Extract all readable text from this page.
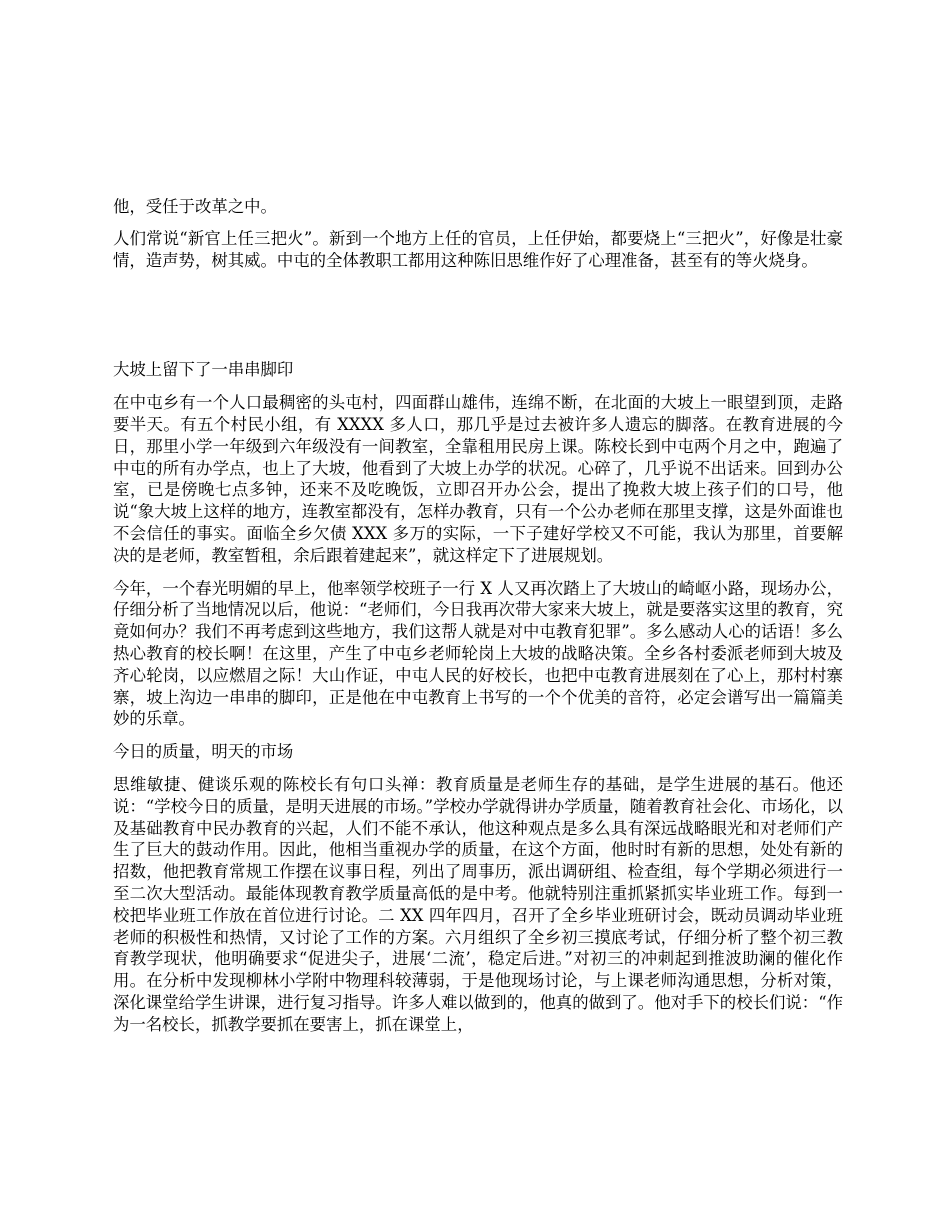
他，受任于改革之中。

人们常说“新官上任三把火”。新到一个地方上任的官员，上任伊始，都要烧上“三把火”，好像是壮豪情，造声势，树其威。中屯的全体教职工都用这种陈旧思维作好了心理准备，甚至有的等火烧身。

大坡上留下了一串串脚印

在中屯乡有一个人口最稠密的头屯村，四面群山雄伟，连绵不断，在北面的大坡上一眼望到顶，走路要半天。有五个村民小组，有 XXXX 多人口，那几乎是过去被许多人遗忘的脚落。在教育进展的今日，那里小学一年级到六年级没有一间教室，全靠租用民房上课。陈校长到中屯两个月之中，跑遍了中屯的所有办学点，也上了大坡，他看到了大坡上办学的状况。心碎了，几乎说不出话来。回到办公室，已是傍晚七点多钟，还来不及吃晚饭，立即召开办公会，提出了挽救大坡上孩子们的口号，他说“象大坡上这样的地方，连教室都没有，怎样办教育，只有一个公办老师在那里支撑，这是外面谁也不会信任的事实。面临全乡欠债 XXX 多万的实际，一下子建好学校又不可能，我认为那里，首要解决的是老师，教室暂租，余后跟着建起来”，就这样定下了进展规划。

今年，一个春光明媚的早上，他率领学校班子一行 X 人又再次踏上了大坡山的崎岖小路，现场办公，仔细分析了当地情况以后，他说：“老师们，今日我再次带大家来大坡上，就是要落实这里的教育，究竟如何办？我们不再考虑到这些地方，我们这帮人就是对中屯教育犯罪”。多么感动人心的话语！多么热心教育的校长啊！在这里，产生了中屯乡老师轮岗上大坡的战略决策。全乡各村委派老师到大坡及齐心轮岗，以应燃眉之际！大山作证，中屯人民的好校长，也把中屯教育进展刻在了心上，那村村寨寨，坡上沟边一串串的脚印，正是他在中屯教育上书写的一个个优美的音符，必定会谱写出一篇篇美妙的乐章。

今日的质量，明天的市场

思维敏捷、健谈乐观的陈校长有句口头禅：教育质量是老师生存的基础，是学生进展的基石。他还说：“学校今日的质量，是明天进展的市场。”学校办学就得讲办学质量，随着教育社会化、市场化，以及基础教育中民办教育的兴起，人们不能不承认，他这种观点是多么具有深远战略眼光和对老师们产生了巨大的鼓动作用。因此，他相当重视办学的质量，在这个方面，他时时有新的思想，处处有新的招数，他把教育常规工作摆在议事日程，列出了周事历，派出调研组、检查组，每个学期必须进行一至二次大型活动。最能体现教育教学质量高低的是中考。他就特别注重抓紧抓实毕业班工作。每到一校把毕业班工作放在首位进行讨论。二 XX 四年四月，召开了全乡毕业班研讨会，既动员调动毕业班老师的积极性和热情，又讨论了工作的方案。六月组织了全乡初三摸底考试，仔细分析了整个初三教育教学现状，他明确要求“促进尖子，进展‘二流’，稳定后进。”对初三的冲刺起到推波助澜的催化作用。在分析中发现柳林小学附中物理科较薄弱，于是他现场讨论，与上课老师沟通思想，分析对策，深化课堂给学生讲课，进行复习指导。许多人难以做到的，他真的做到了。他对手下的校长们说：“作为一名校长，抓教学要抓在要害上，抓在课堂上，
